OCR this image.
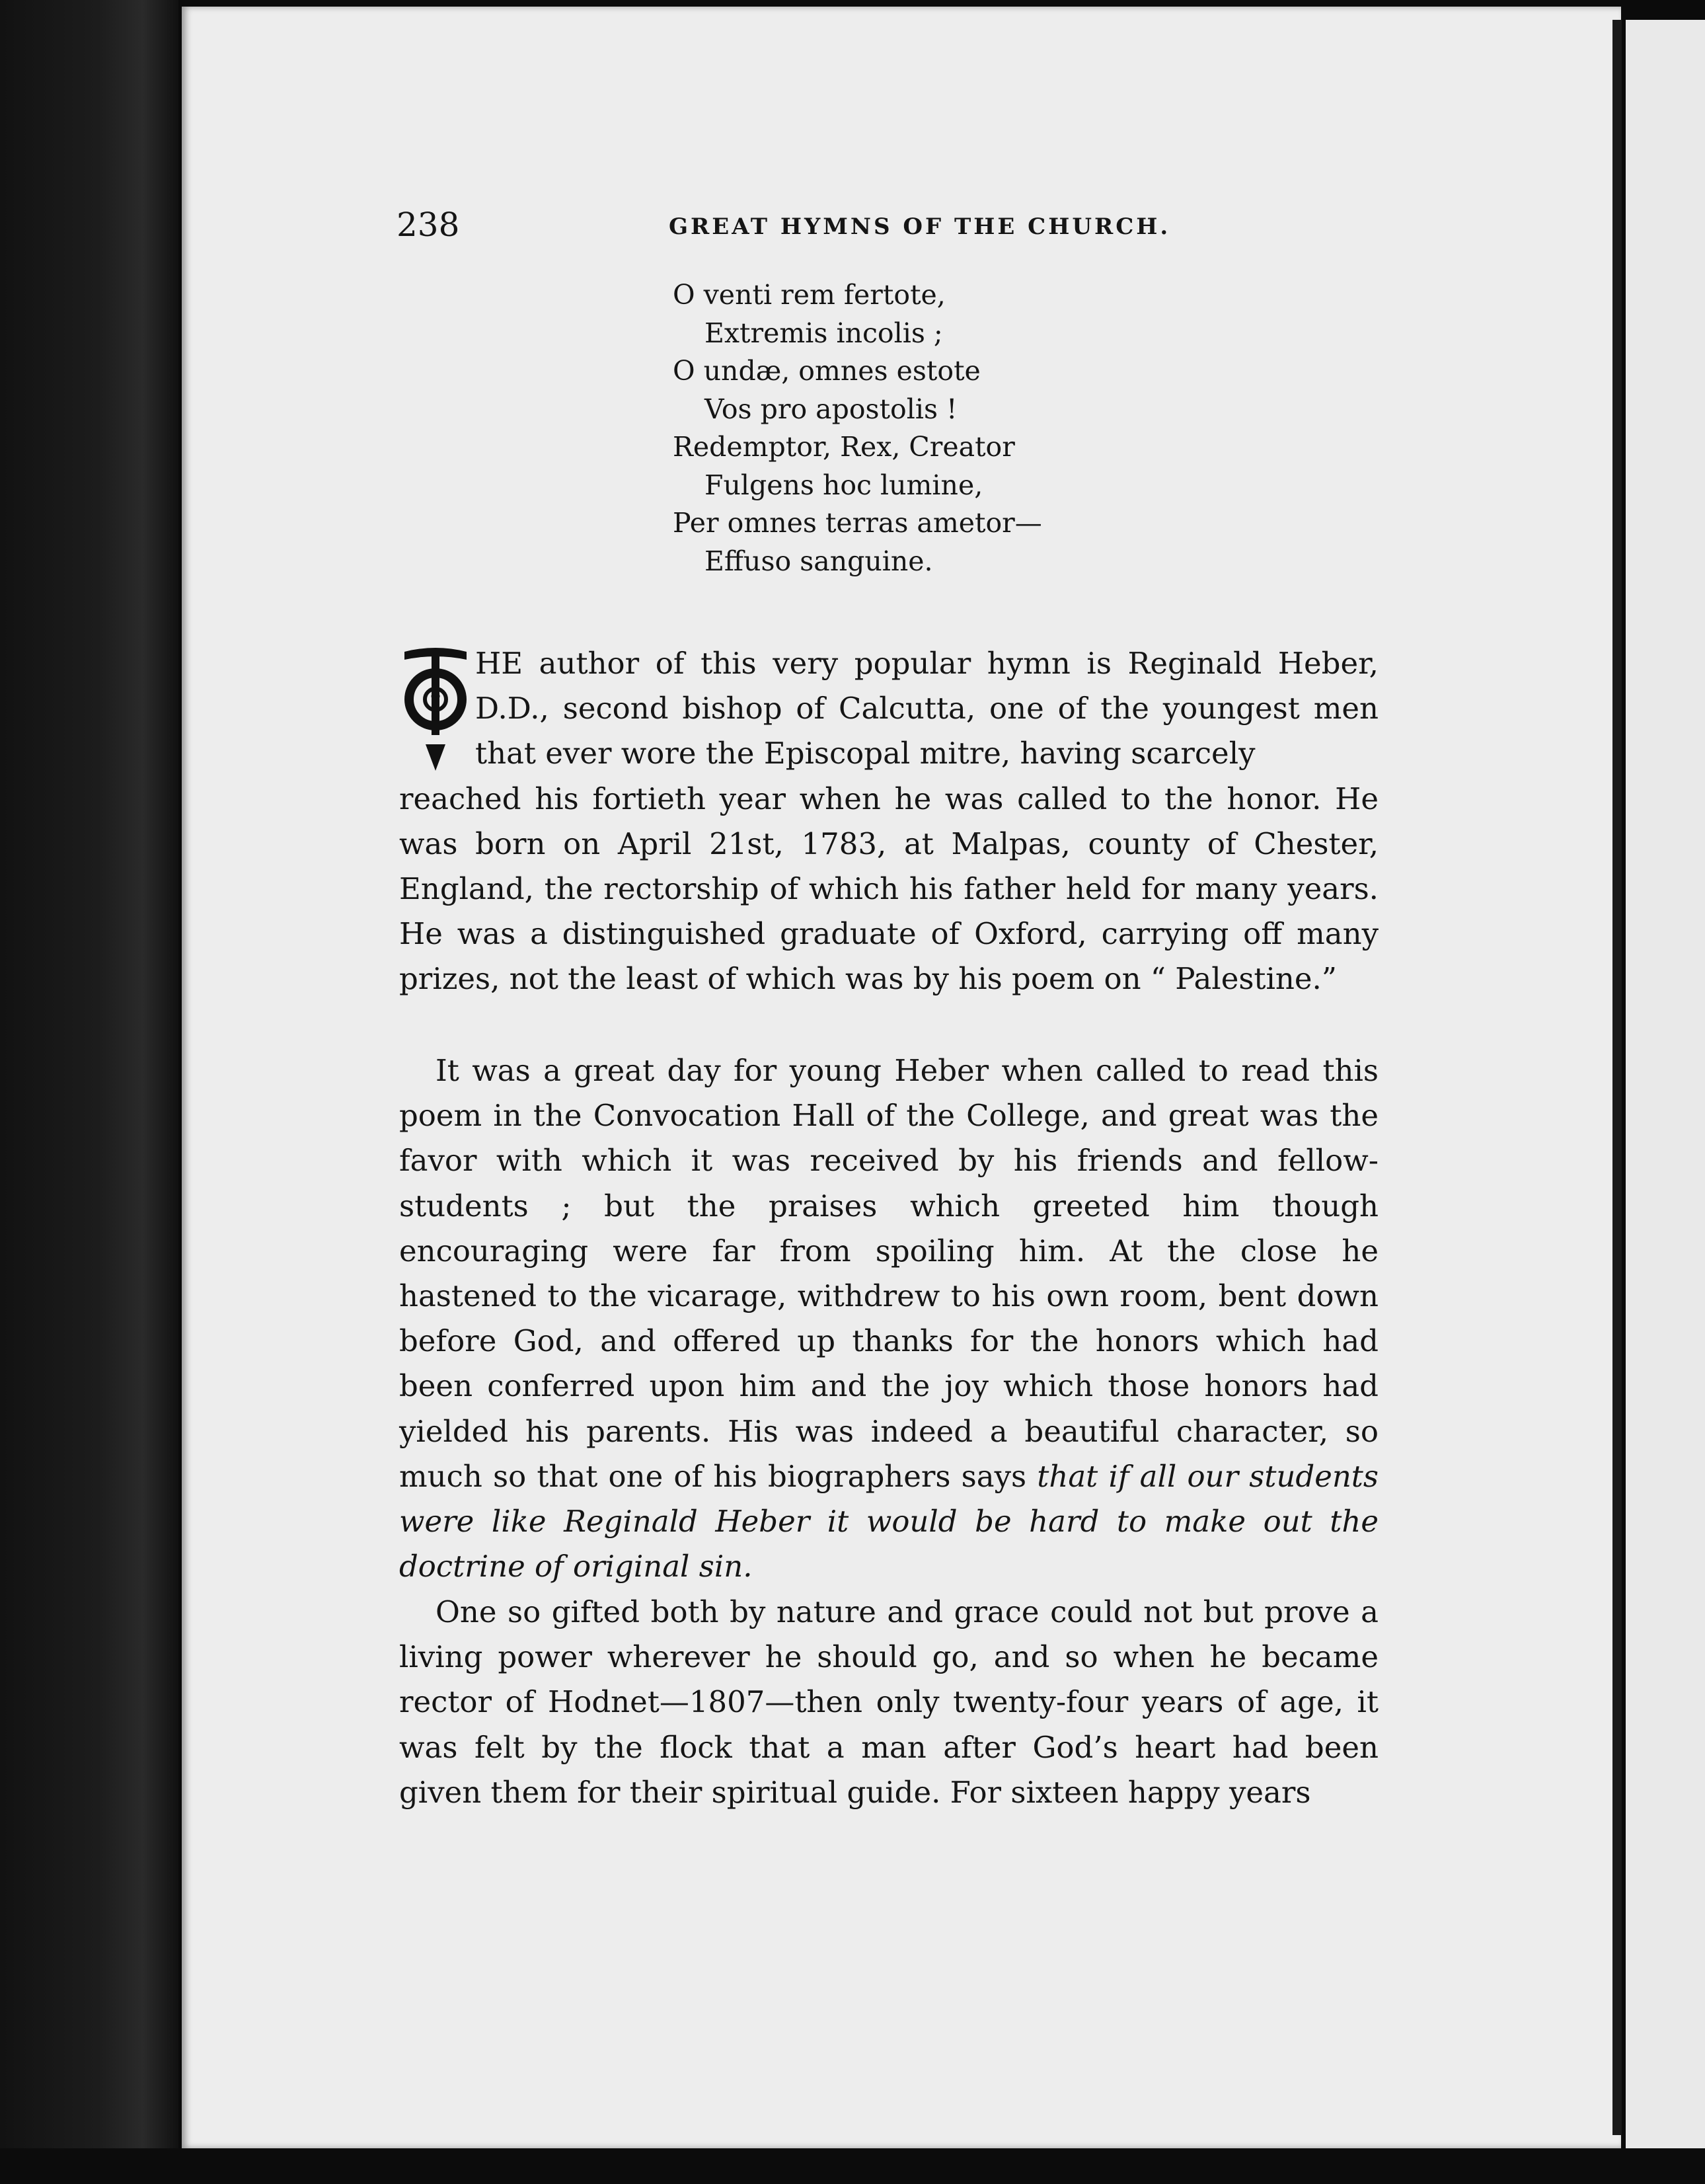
238	GREAT HYMNS OF THE CHURCH.
O venti rem fertote,
Extremis incolis ;
O undæ, omnes estote
Vos pro apostolis !
Redemptor, Rex, Creator
Fulgens hoc lumine,
Per omnes terras ametor—
Effuso sanguine.
T
HE author of this very popular hymn is Reginald Heber, D.D., second bishop of Calcutta, one of the youngest men that ever wore the Episcopal mitre, having scarcely
reached his fortieth year when he was called to the honor. He was born on April 21st, 1783, at Malpas, county of Chester, England, the rectorship of which his father held for many years. He was a distinguished graduate of Oxford, carrying off many prizes, not the least of which was by his poem on “ Palestine.”
It was a great day for young Heber when called to read this poem in the Convocation Hall of the College, and great was the favor with which it was received by his friends and fellow-students ; but the praises which greeted him though encouraging were far from spoiling him. At the close he hastened to the vicarage, withdrew to his own room, bent down before God, and offered up thanks for the honors which had been conferred upon him and the joy which those honors had yielded his parents. His was indeed a beautiful character, so much so that one of his biographers says that if all our students were like Reginald Heber it would be hard to make out the doctrine of original sin.
One so gifted both by nature and grace could not but prove a living power wherever he should go, and so when he became rector of Hodnet—1807—then only twenty-four years of age, it was felt by the flock that a man after God’s heart had been given them for their spiritual guide. For sixteen happy years
